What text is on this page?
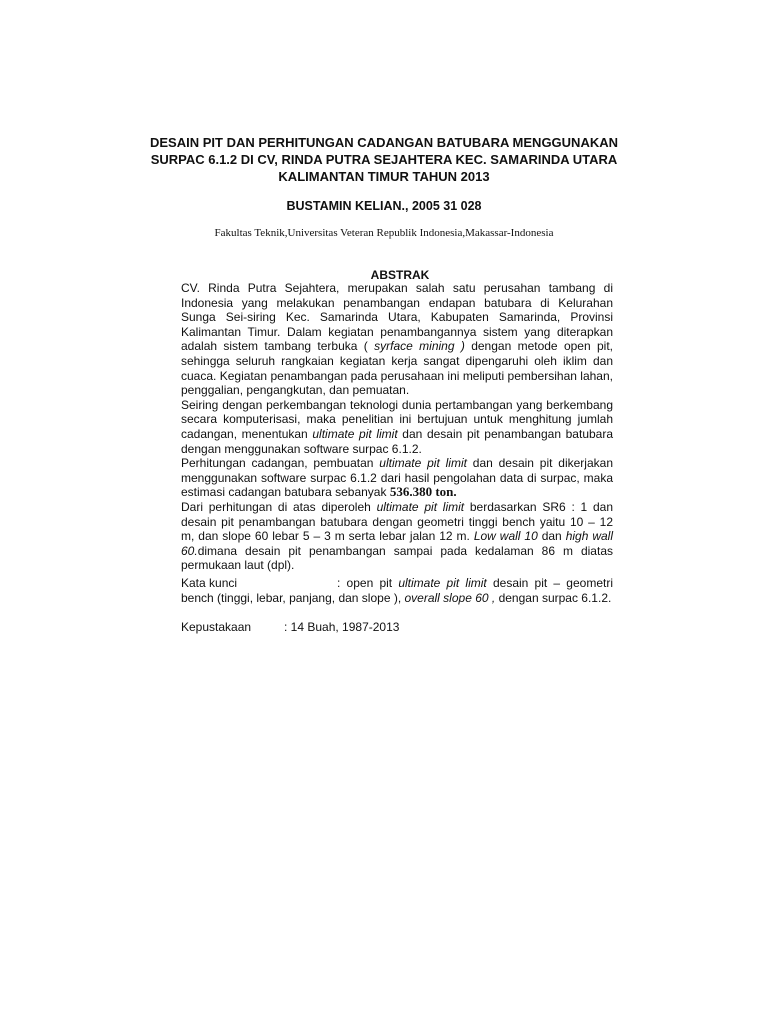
DESAIN PIT DAN PERHITUNGAN CADANGAN BATUBARA MENGGUNAKAN
SURPAC 6.1.2 DI CV, RINDA PUTRA SEJAHTERA KEC. SAMARINDA UTARA
KALIMANTAN TIMUR TAHUN 2013
BUSTAMIN KELIAN., 2005 31 028
Fakultas Teknik,Universitas Veteran Republik Indonesia,Makassar-Indonesia
ABSTRAK

CV. Rinda Putra Sejahtera, merupakan salah satu perusahan tambang di Indonesia yang melakukan penambangan endapan batubara di Kelurahan Sunga Sei-siring Kec. Samarinda Utara, Kabupaten Samarinda, Provinsi Kalimantan Timur. Dalam kegiatan penambangannya sistem yang diterapkan adalah sistem tambang terbuka ( syrface mining ) dengan metode open pit, sehingga seluruh rangkaian kegiatan kerja sangat dipengaruhi oleh iklim dan cuaca. Kegiatan penambangan pada perusahaan ini meliputi pembersihan lahan, penggalian, pengangkutan, dan pemuatan.

Seiring dengan perkembangan teknologi dunia pertambangan yang berkembang secara komputerisasi, maka penelitian ini bertujuan untuk menghitung jumlah cadangan, menentukan ultimate pit limit dan desain pit penambangan batubara dengan menggunakan software surpac 6.1.2.

Perhitungan cadangan, pembuatan ultimate pit limit dan desain pit dikerjakan menggunakan software surpac 6.1.2 dari hasil pengolahan data di surpac, maka estimasi cadangan batubara sebanyak 536.380 ton.

Dari perhitungan di atas diperoleh ultimate pit limit berdasarkan SR6 : 1 dan desain pit penambangan batubara dengan geometri tinggi bench yaitu 10 – 12 m, dan slope 60 lebar 5 – 3 m serta lebar jalan 12 m. Low wall 10 dan high wall 60.dimana desain pit penambangan sampai pada kedalaman 86 m diatas permukaan laut (dpl).

Kata kunci	: open pit ultimate pit limit desain pit – geometri bench (tinggi, lebar, panjang, dan slope ), overall slope 60 , dengan surpac 6.1.2.

Kepustakaan	: 14 Buah, 1987-2013
